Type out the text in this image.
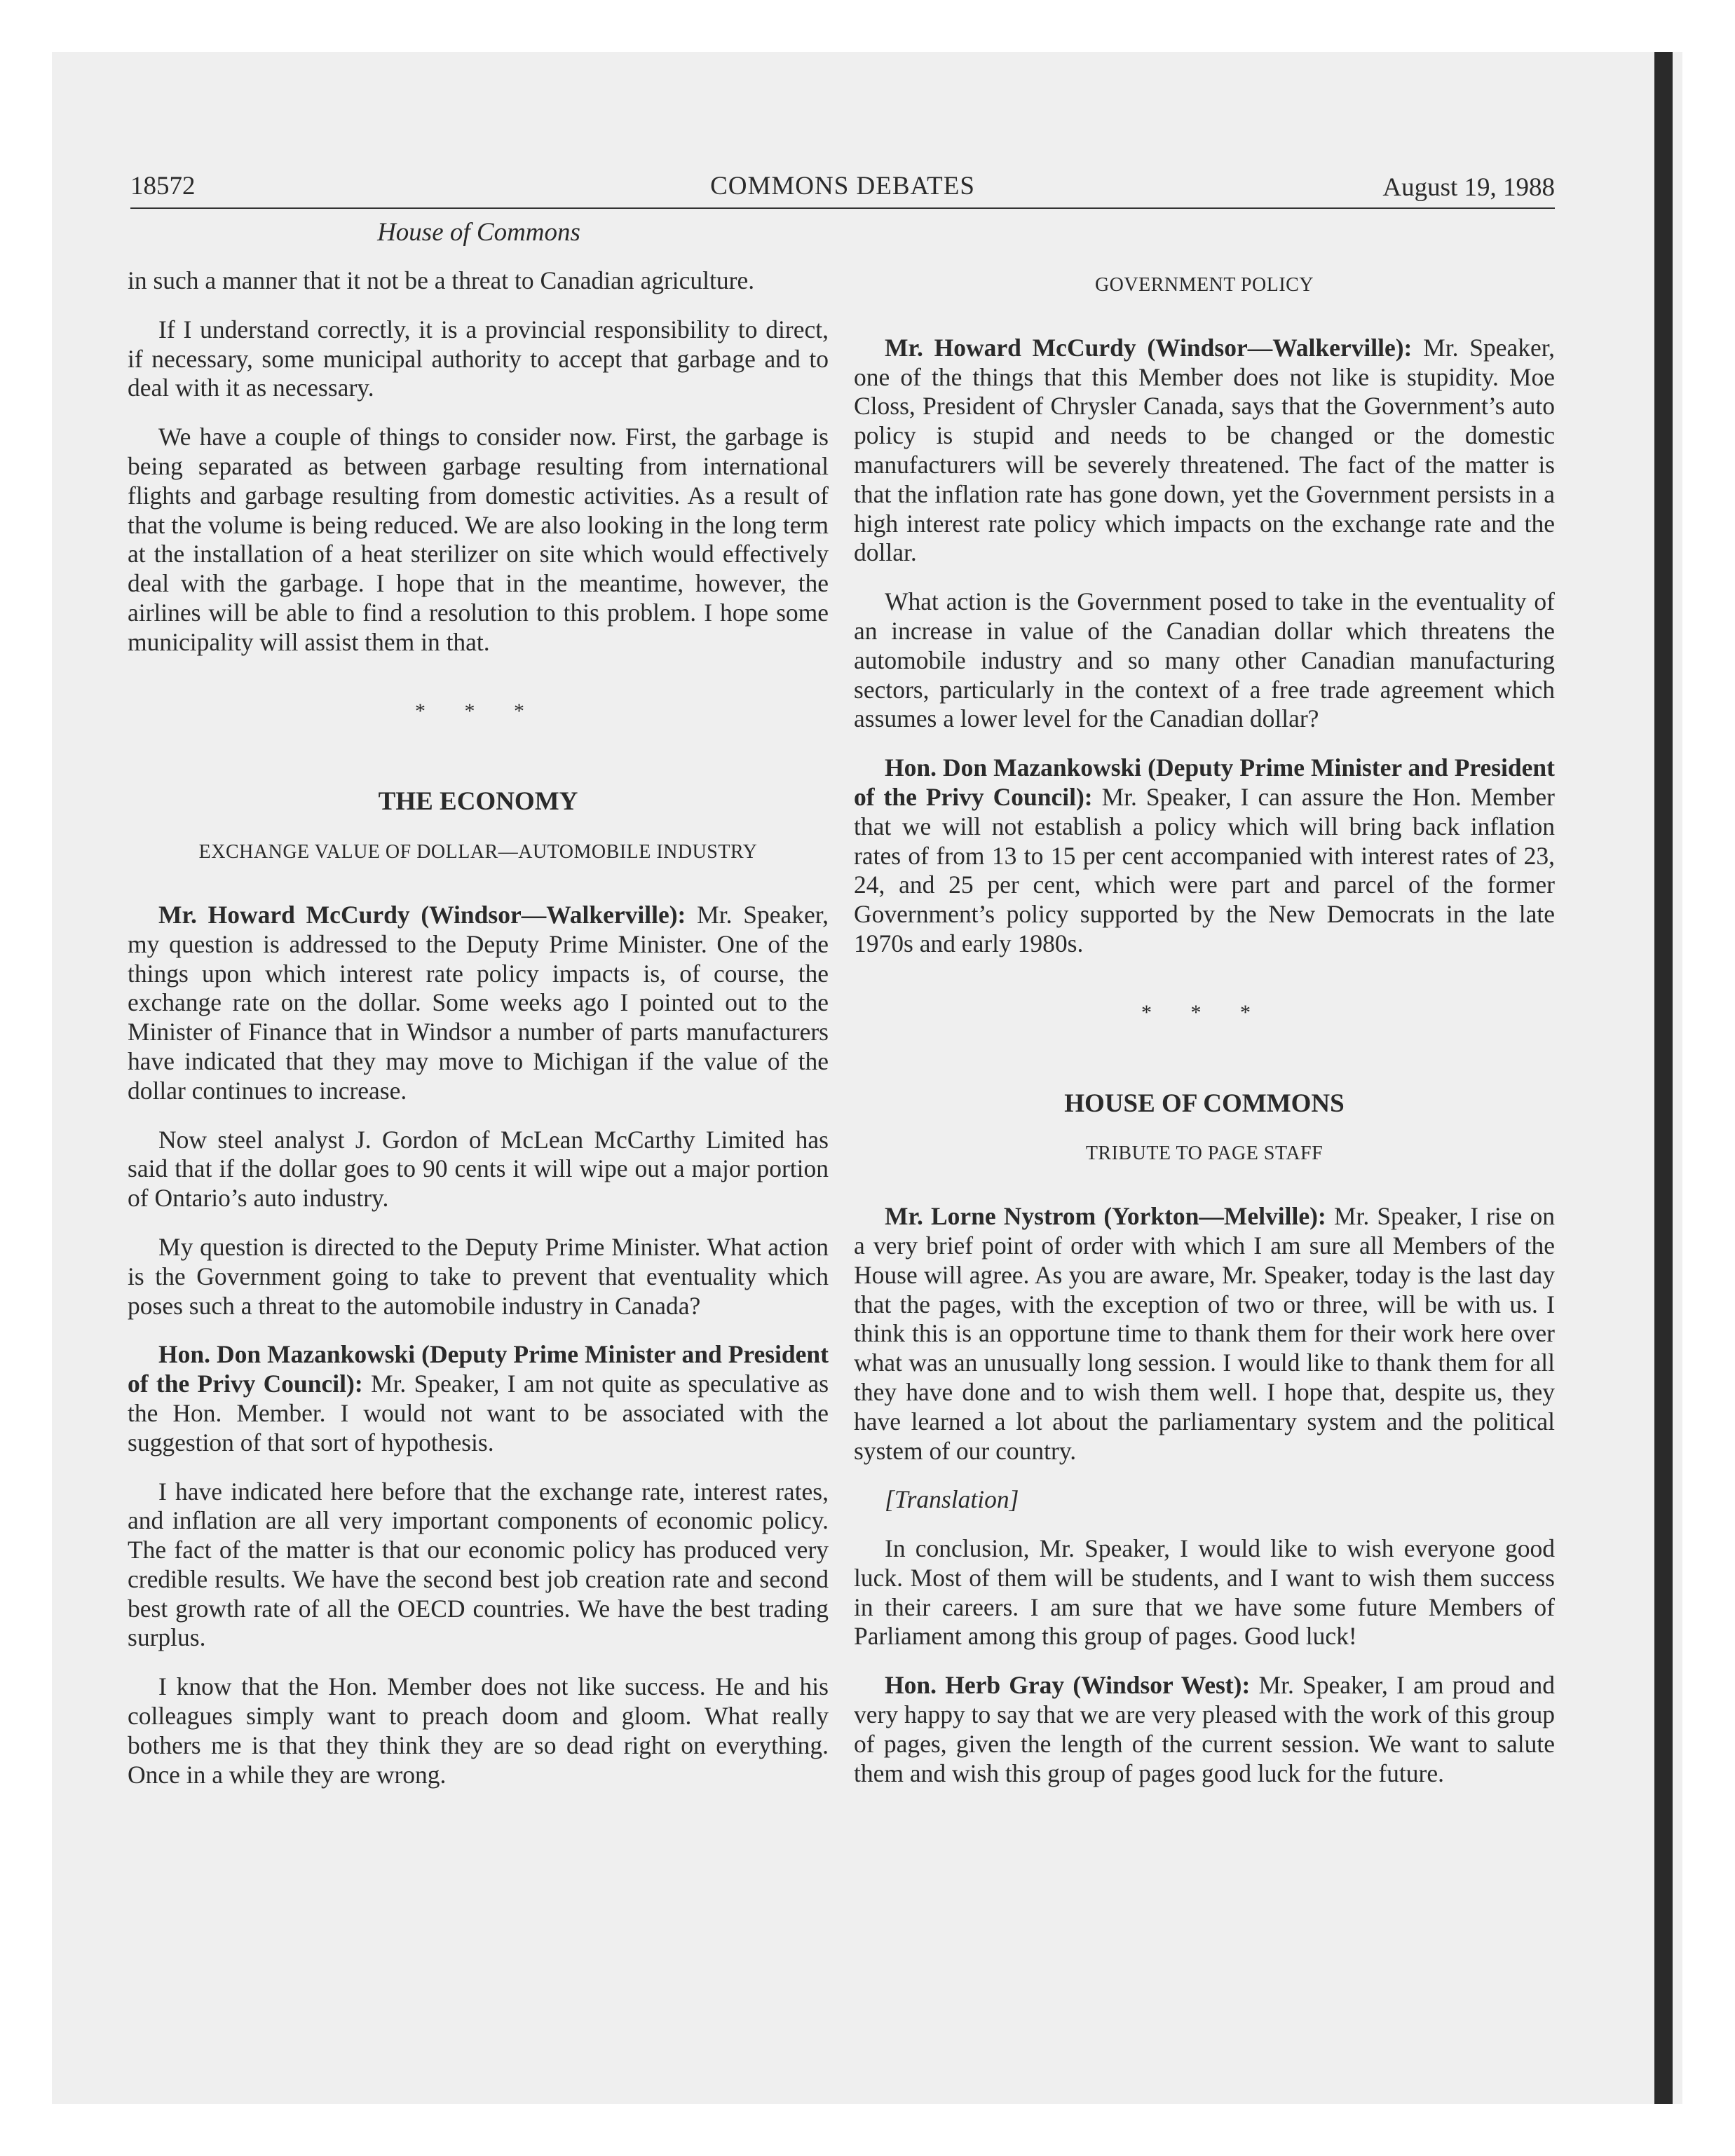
18572	COMMONS DEBATES	August 19, 1988
House of Commons

in such a manner that it not be a threat to Canadian agriculture.

If I understand correctly, it is a provincial responsibility to direct, if necessary, some municipal authority to accept that garbage and to deal with it as necessary.

We have a couple of things to consider now. First, the garbage is being separated as between garbage resulting from international flights and garbage resulting from domestic activities. As a result of that the volume is being reduced. We are also looking in the long term at the installation of a heat sterilizer on site which would effectively deal with the garbage. I hope that in the meantime, however, the airlines will be able to find a resolution to this problem. I hope some municipality will assist them in that.

* * *
THE ECONOMY
EXCHANGE VALUE OF DOLLAR—AUTOMOBILE INDUSTRY

Mr. Howard McCurdy (Windsor—Walkerville): Mr. Speaker, my question is addressed to the Deputy Prime Minister. One of the things upon which interest rate policy impacts is, of course, the exchange rate on the dollar. Some weeks ago I pointed out to the Minister of Finance that in Windsor a number of parts manufacturers have indicated that they may move to Michigan if the value of the dollar continues to increase.

Now steel analyst J. Gordon of McLean McCarthy Limited has said that if the dollar goes to 90 cents it will wipe out a major portion of Ontario’s auto industry.

My question is directed to the Deputy Prime Minister. What action is the Government going to take to prevent that eventuality which poses such a threat to the automobile industry in Canada?

Hon. Don Mazankowski (Deputy Prime Minister and President of the Privy Council): Mr. Speaker, I am not quite as speculative as the Hon. Member. I would not want to be associated with the suggestion of that sort of hypothesis.

I have indicated here before that the exchange rate, interest rates, and inflation are all very important components of economic policy. The fact of the matter is that our economic policy has produced very credible results. We have the second best job creation rate and second best growth rate of all the OECD countries. We have the best trading surplus.

I know that the Hon. Member does not like success. He and his colleagues simply want to preach doom and gloom. What really bothers me is that they think they are so dead right on everything. Once in a while they are wrong.

GOVERNMENT POLICY

Mr. Howard McCurdy (Windsor—Walkerville): Mr. Speaker, one of the things that this Member does not like is stupidity. Moe Closs, President of Chrysler Canada, says that the Government’s auto policy is stupid and needs to be changed or the domestic manufacturers will be severely threatened. The fact of the matter is that the inflation rate has gone down, yet the Government persists in a high interest rate policy which impacts on the exchange rate and the dollar.

What action is the Government posed to take in the eventuality of an increase in value of the Canadian dollar which threatens the automobile industry and so many other Canadian manufacturing sectors, particularly in the context of a free trade agreement which assumes a lower level for the Canadian dollar?

Hon. Don Mazankowski (Deputy Prime Minister and President of the Privy Council): Mr. Speaker, I can assure the Hon. Member that we will not establish a policy which will bring back inflation rates of from 13 to 15 per cent accompanied with interest rates of 23, 24, and 25 per cent, which were part and parcel of the former Government’s policy supported by the New Democrats in the late 1970s and early 1980s.

* * *
HOUSE OF COMMONS
TRIBUTE TO PAGE STAFF

Mr. Lorne Nystrom (Yorkton—Melville): Mr. Speaker, I rise on a very brief point of order with which I am sure all Members of the House will agree. As you are aware, Mr. Speaker, today is the last day that the pages, with the exception of two or three, will be with us. I think this is an opportune time to thank them for their work here over what was an unusually long session. I would like to thank them for all they have done and to wish them well. I hope that, despite us, they have learned a lot about the parliamentary system and the political system of our country.

[Translation]

In conclusion, Mr. Speaker, I would like to wish everyone good luck. Most of them will be students, and I want to wish them success in their careers. I am sure that we have some future Members of Parliament among this group of pages. Good luck!

Hon. Herb Gray (Windsor West): Mr. Speaker, I am proud and very happy to say that we are very pleased with the work of this group of pages, given the length of the current session. We want to salute them and wish this group of pages good luck for the future.
